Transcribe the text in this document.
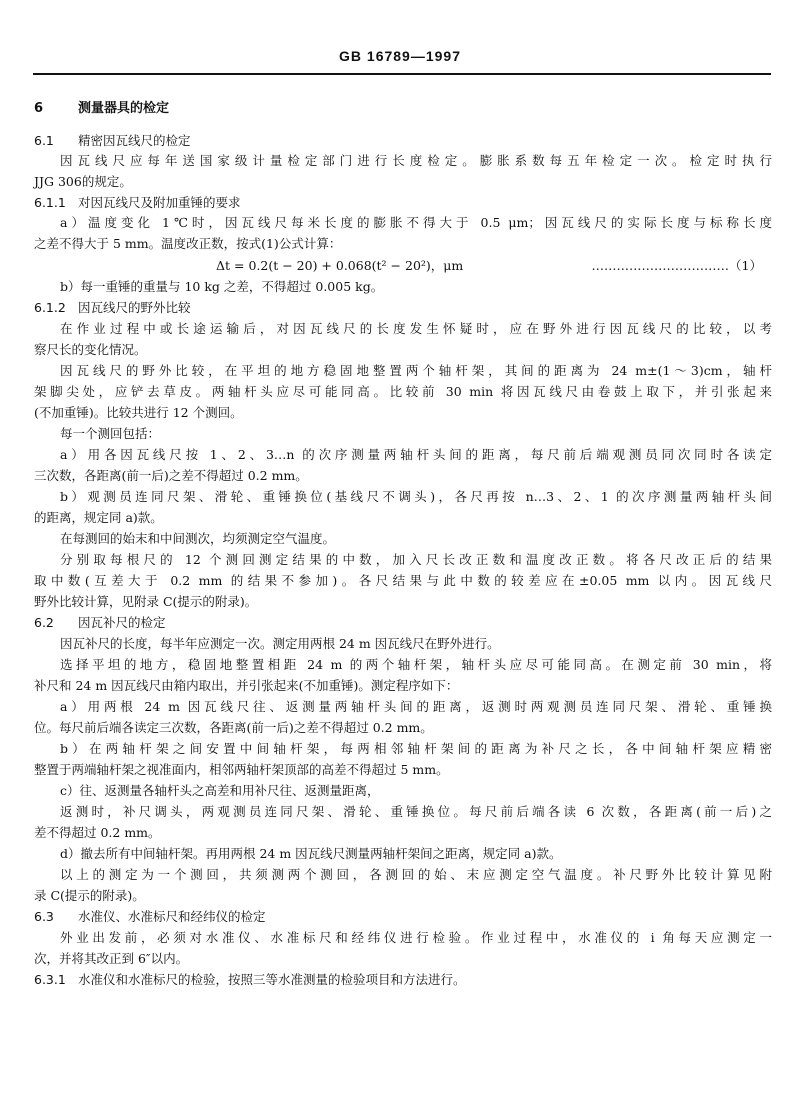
GB 16789—1997
6	测量器具的检定
6.1 精密因瓦线尺的检定
因瓦线尺应每年送国家级计量检定部门进行长度检定。膨胀系数每五年检定一次。检定时执行
JJG 306的规定。
6.1.1 对因瓦线尺及附加重锤的要求
a）温度变化 1℃时，因瓦线尺每米长度的膨胀不得大于 0.5 μm；因瓦线尺的实际长度与标称长度
之差不得大于 5 mm。温度改正数，按式(1)公式计算：
Δt = 0.2(t − 20) + 0.068(t² − 20²)，μm	……………………………（1）
b）每一重锤的重量与 10 kg 之差，不得超过 0.005 kg。
6.1.2 因瓦线尺的野外比较
在作业过程中或长途运输后，对因瓦线尺的长度发生怀疑时，应在野外进行因瓦线尺的比较，以考
察尺长的变化情况。
因瓦线尺的野外比较，在平坦的地方稳固地整置两个轴杆架，其间的距离为 24 m±(1～3)cm，轴杆
架脚尖处，应铲去草皮。两轴杆头应尽可能同高。比较前 30 min 将因瓦线尺由卷鼓上取下，并引张起来
(不加重锤)。比较共进行 12 个测回。
每一个测回包括：
a）用各因瓦线尺按 1、2、3…n 的次序测量两轴杆头间的距离，每尺前后端观测员同次同时各读定
三次数，各距离(前一后)之差不得超过 0.2 mm。
b）观测员连同尺架、滑轮、重锤换位(基线尺不调头)，各尺再按 n…3、2、1 的次序测量两轴杆头间
的距离，规定同 a)款。
在每测回的始末和中间测次，均须测定空气温度。
分别取每根尺的 12 个测回测定结果的中数，加入尺长改正数和温度改正数。将各尺改正后的结果
取中数(互差大于 0.2 mm 的结果不参加)。各尺结果与此中数的较差应在±0.05 mm 以内。因瓦线尺
野外比较计算，见附录 C(提示的附录)。
6.2 因瓦补尺的检定
因瓦补尺的长度，每半年应测定一次。测定用两根 24 m 因瓦线尺在野外进行。
选择平坦的地方，稳固地整置相距 24 m 的两个轴杆架，轴杆头应尽可能同高。在测定前 30 min，将
补尺和 24 m 因瓦线尺由箱内取出，并引张起来(不加重锤)。测定程序如下：
a）用两根 24 m 因瓦线尺往、返测量两轴杆头间的距离，返测时两观测员连同尺架、滑轮、重锤换
位。每尺前后端各读定三次数，各距离(前一后)之差不得超过 0.2 mm。
b）在两轴杆架之间安置中间轴杆架，每两相邻轴杆架间的距离为补尺之长，各中间轴杆架应精密
整置于两端轴杆架之视准面内，相邻两轴杆架顶部的高差不得超过 5 mm。
c）往、返测量各轴杆头之高差和用补尺往、返测量距离，
返测时，补尺调头，两观测员连同尺架、滑轮、重锤换位。每尺前后端各读 6 次数，各距离(前一后)之
差不得超过 0.2 mm。
d）撤去所有中间轴杆架。再用两根 24 m 因瓦线尺测量两轴杆架间之距离，规定同 a)款。
以上的测定为一个测回，共须测两个测回，各测回的始、末应测定空气温度。补尺野外比较计算见附
录 C(提示的附录)。
6.3 水准仪、水准标尺和经纬仪的检定
外业出发前，必须对水准仪、水准标尺和经纬仪进行检验。作业过程中，水准仪的 i 角每天应测定一
次，并将其改正到 6″以内。
6.3.1 水准仪和水准标尺的检验，按照三等水准测量的检验项目和方法进行。
